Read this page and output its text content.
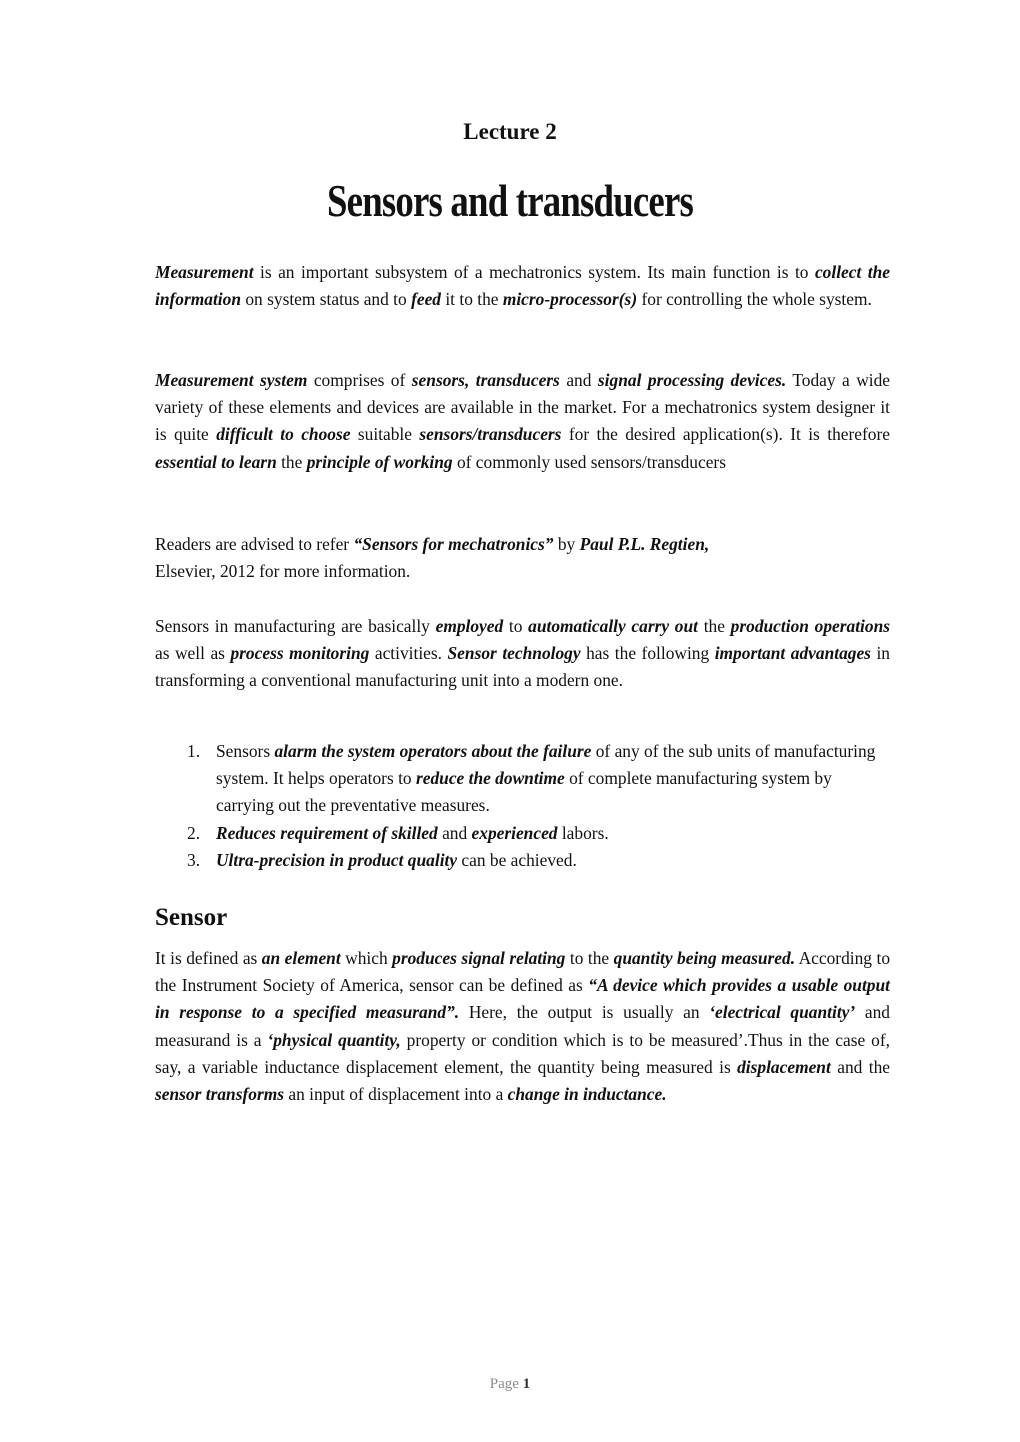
Lecture 2
Sensors and transducers

Measurement is an important subsystem of a mechatronics system. Its main function is to collect the information on system status and to feed it to the micro-processor(s) for controlling the whole system.

Measurement system comprises of sensors, transducers and signal processing devices. Today a wide variety of these elements and devices are available in the market. For a mechatronics system designer it is quite difficult to choose suitable sensors/transducers for the desired application(s). It is therefore essential to learn the principle of working of commonly used sensors/transducers

Readers are advised to refer “Sensors for mechatronics” by Paul P.L. Regtien,
Elsevier, 2012 for more information.

Sensors in manufacturing are basically employed to automatically carry out the production operations as well as process monitoring activities. Sensor technology has the following important advantages in transforming a conventional manufacturing unit into a modern one.

1. Sensors alarm the system operators about the failure of any of the sub units of manufacturing system. It helps operators to reduce the downtime of complete manufacturing system by carrying out the preventative measures.
2. Reduces requirement of skilled and experienced labors.
3. Ultra-precision in product quality can be achieved.
Sensor

It is defined as an element which produces signal relating to the quantity being measured. According to the Instrument Society of America, sensor can be defined as “A device which provides a usable output in response to a specified measurand”. Here, the output is usually an ‘electrical quantity’ and measurand is a ‘physical quantity, property or condition which is to be measured’.Thus in the case of, say, a variable inductance displacement element, the quantity being measured is displacement and the sensor transforms an input of displacement into a change in inductance.

Page 1
